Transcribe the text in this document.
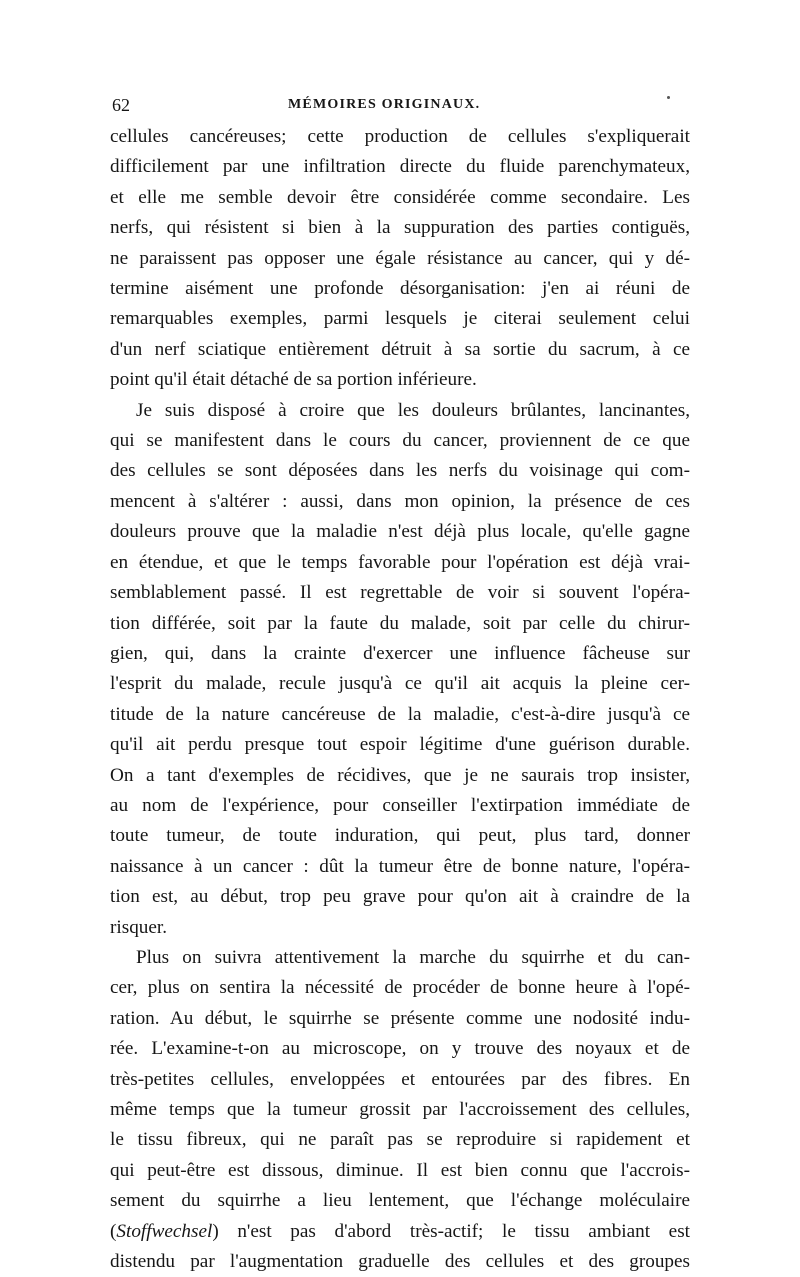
62	MÉMOIRES ORIGINAUX.
cellules cancéreuses; cette production de cellules s'expliquerait
difficilement par une infiltration directe du fluide parenchymateux,
et elle me semble devoir être considérée comme secondaire. Les
nerfs, qui résistent si bien à la suppuration des parties contiguës,
ne paraissent pas opposer une égale résistance au cancer, qui y dé-
termine aisément une profonde désorganisation: j'en ai réuni de
remarquables exemples, parmi lesquels je citerai seulement celui
d'un nerf sciatique entièrement détruit à sa sortie du sacrum, à ce
point qu'il était détaché de sa portion inférieure.
Je suis disposé à croire que les douleurs brûlantes, lancinantes,
qui se manifestent dans le cours du cancer, proviennent de ce que
des cellules se sont déposées dans les nerfs du voisinage qui com-
mencent à s'altérer : aussi, dans mon opinion, la présence de ces
douleurs prouve que la maladie n'est déjà plus locale, qu'elle gagne
en étendue, et que le temps favorable pour l'opération est déjà vrai-
semblablement passé. Il est regrettable de voir si souvent l'opéra-
tion différée, soit par la faute du malade, soit par celle du chirur-
gien, qui, dans la crainte d'exercer une influence fâcheuse sur
l'esprit du malade, recule jusqu'à ce qu'il ait acquis la pleine cer-
titude de la nature cancéreuse de la maladie, c'est-à-dire jusqu'à ce
qu'il ait perdu presque tout espoir légitime d'une guérison durable.
On a tant d'exemples de récidives, que je ne saurais trop insister,
au nom de l'expérience, pour conseiller l'extirpation immédiate de
toute tumeur, de toute induration, qui peut, plus tard, donner
naissance à un cancer : dût la tumeur être de bonne nature, l'opéra-
tion est, au début, trop peu grave pour qu'on ait à craindre de la
risquer.
Plus on suivra attentivement la marche du squirrhe et du can-
cer, plus on sentira la nécessité de procéder de bonne heure à l'opé-
ration. Au début, le squirrhe se présente comme une nodosité indu-
rée. L'examine-t-on au microscope, on y trouve des noyaux et de
très-petites cellules, enveloppées et entourées par des fibres. En
même temps que la tumeur grossit par l'accroissement des cellules,
le tissu fibreux, qui ne paraît pas se reproduire si rapidement et
qui peut-être est dissous, diminue. Il est bien connu que l'accrois-
sement du squirrhe a lieu lentement, que l'échange moléculaire
(Stoffwechsel) n'est pas d'abord très-actif; le tissu ambiant est
distendu par l'augmentation graduelle des cellules et des groupes
